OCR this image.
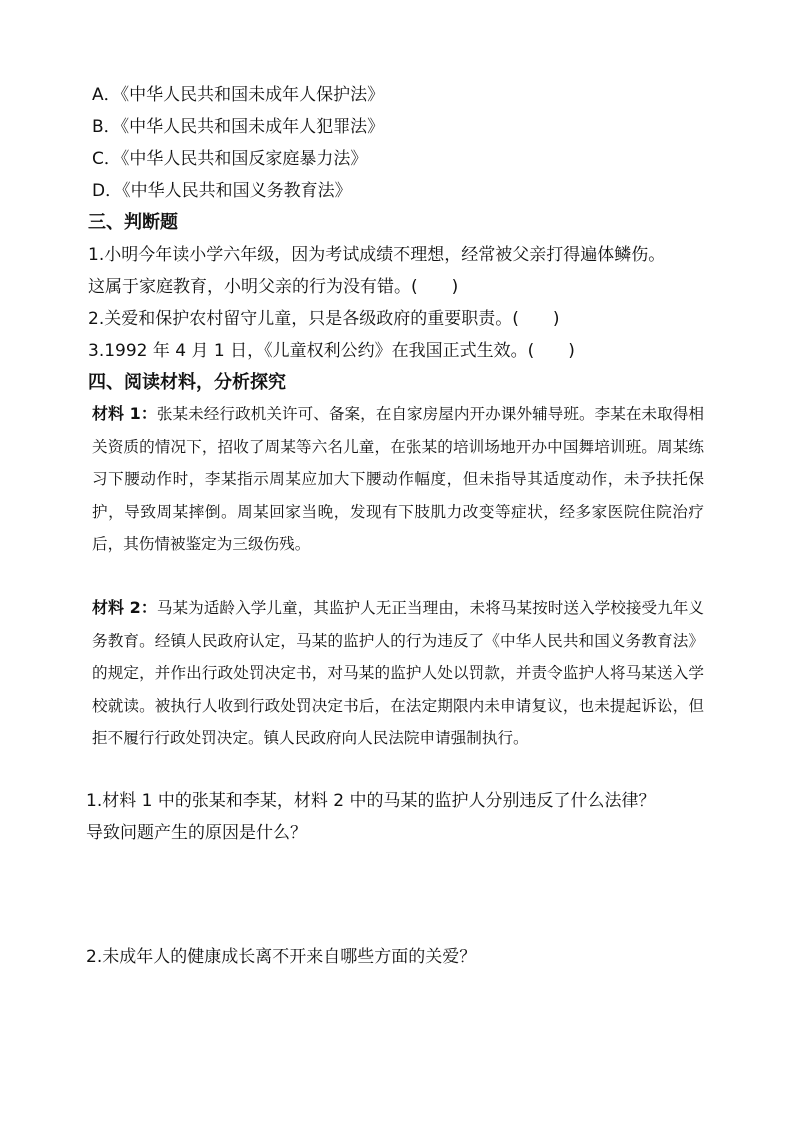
A．《中华人民共和国未成年人保护法》
B．《中华人民共和国未成年人犯罪法》
C．《中华人民共和国反家庭暴力法》
D．《中华人民共和国义务教育法》
三、判断题
1.小明今年读小学六年级，因为考试成绩不理想，经常被父亲打得遍体鳞伤。
这属于家庭教育，小明父亲的行为没有错。(　　)
2.关爱和保护农村留守儿童，只是各级政府的重要职责。(　　)
3.1992 年 4 月 1 日，《儿童权利公约》在我国正式生效。(　　)
四、阅读材料，分析探究

材料 1：张某未经行政机关许可、备案，在自家房屋内开办课外辅导班。李某在未取得相关资质的情况下，招收了周某等六名儿童，在张某的培训场地开办中国舞培训班。周某练习下腰动作时，李某指示周某应加大下腰动作幅度，但未指导其适度动作，未予扶托保护，导致周某摔倒。周某回家当晚，发现有下肢肌力改变等症状，经多家医院住院治疗后，其伤情被鉴定为三级伤残。

材料 2：马某为适龄入学儿童，其监护人无正当理由，未将马某按时送入学校接受九年义务教育。经镇人民政府认定，马某的监护人的行为违反了《中华人民共和国义务教育法》的规定，并作出行政处罚决定书，对马某的监护人处以罚款，并责令监护人将马某送入学校就读。被执行人收到行政处罚决定书后，在法定期限内未申请复议，也未提起诉讼，但拒不履行行政处罚决定。镇人民政府向人民法院申请强制执行。

1.材料 1 中的张某和李某，材料 2 中的马某的监护人分别违反了什么法律？
导致问题产生的原因是什么？
2.未成年人的健康成长离不开来自哪些方面的关爱？
